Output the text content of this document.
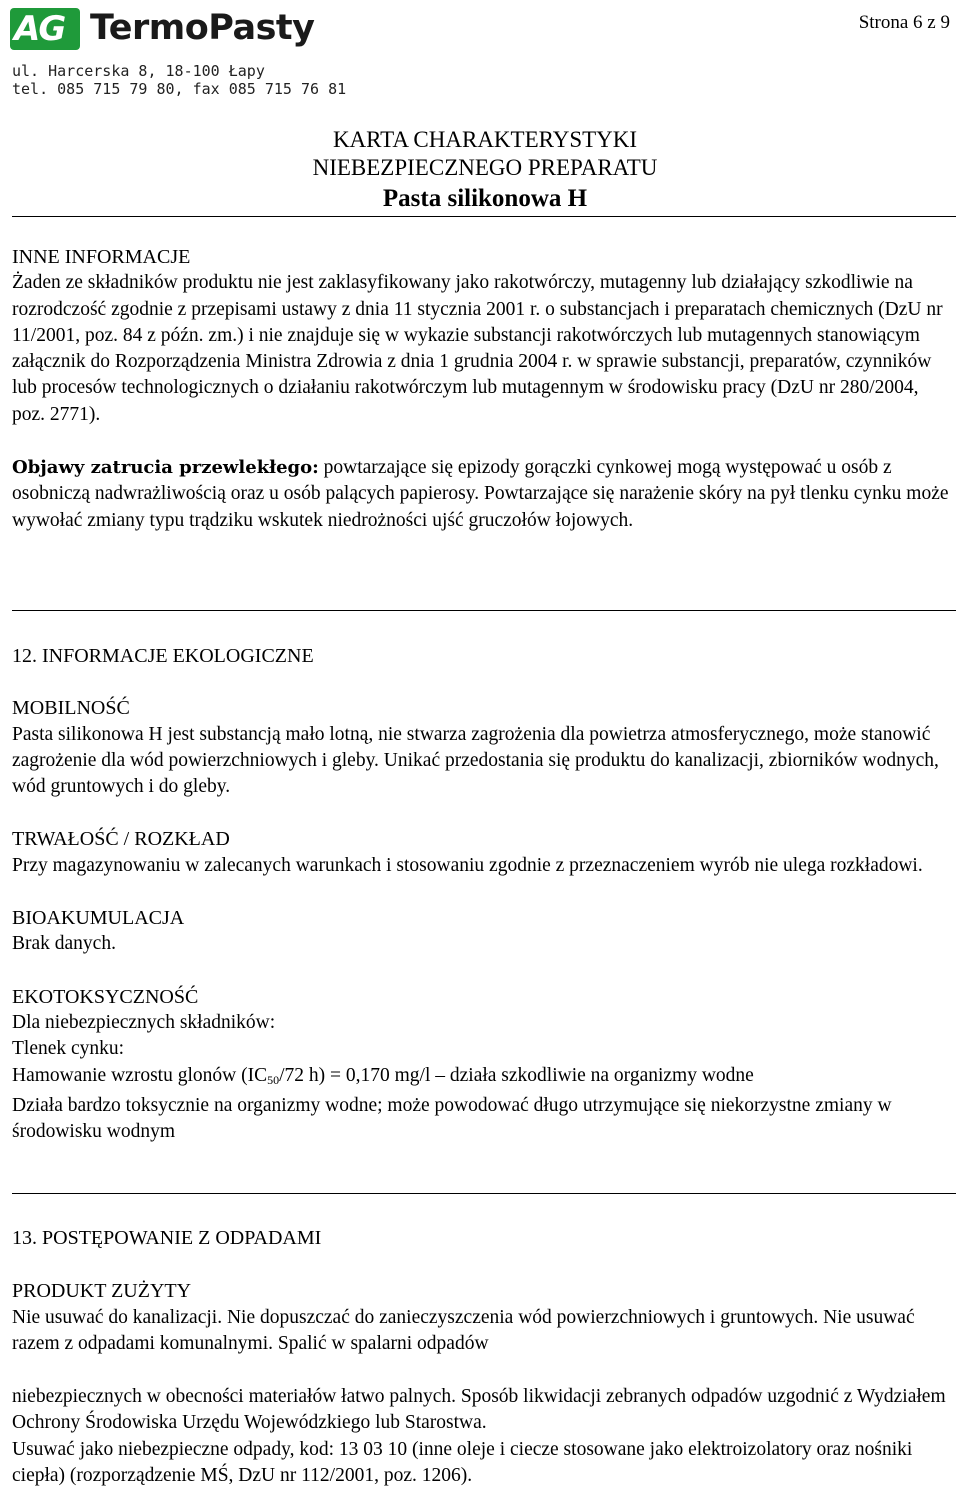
AG TermoPasty
ul. Harcerska 8, 18-100 Łapy
tel. 085 715 79 80, fax 085 715 76 81
Strona 6 z 9
KARTA CHARAKTERYSTYKI
NIEBEZPIECZNEGO PREPARATU
Pasta silikonowa H

INNE INFORMACJE

Żaden ze składników produktu nie jest zaklasyfikowany jako rakotwórczy, mutagenny lub działający szkodliwie na rozrodczość zgodnie z przepisami ustawy z dnia 11 stycznia 2001 r. o substancjach i preparatach chemicznych (DzU nr 11/2001, poz. 84 z późn. zm.) i nie znajduje się w wykazie substancji rakotwórczych lub mutagennych stanowiącym załącznik do Rozporządzenia Ministra Zdrowia z dnia 1 grudnia 2004 r. w sprawie substancji, preparatów, czynników lub procesów technologicznych o działaniu rakotwórczym lub mutagennym w środowisku pracy (DzU nr 280/2004, poz. 2771).

Objawy zatrucia przewlekłego: powtarzające się epizody gorączki cynkowej mogą występować u osób z osobniczą nadwrażliwością oraz u osób palących papierosy. Powtarzające się narażenie skóry na pył tlenku cynku może wywołać zmiany typu trądziku wskutek niedrożności ujść gruczołów łojowych.

12. INFORMACJE EKOLOGICZNE

MOBILNOŚĆ

Pasta silikonowa H jest substancją mało lotną, nie stwarza zagrożenia dla powietrza atmosferycznego, może stanowić zagrożenie dla wód powierzchniowych i gleby. Unikać przedostania się produktu do kanalizacji, zbiorników wodnych, wód gruntowych i do gleby.

TRWAŁOŚĆ / ROZKŁAD

Przy magazynowaniu w zalecanych warunkach i stosowaniu zgodnie z przeznaczeniem wyrób nie ulega rozkładowi.

BIOAKUMULACJA

Brak danych.

EKOTOKSYCZNOŚĆ

Dla niebezpiecznych składników:

Tlenek cynku:

Hamowanie wzrostu glonów ($IC_{50}/72$ h) = 0,170 mg/l – działa szkodliwie na organizmy wodne

Działa bardzo toksycznie na organizmy wodne; może powodować długo utrzymujące się niekorzystne zmiany w środowisku wodnym

13. POSTĘPOWANIE Z ODPADAMI

PRODUKT ZUŻYTY

Nie usuwać do kanalizacji. Nie dopuszczać do zanieczyszczenia wód powierzchniowych i gruntowych. Nie usuwać razem z odpadami komunalnymi. Spalić w spalarni odpadów

niebezpiecznych w obecności materiałów łatwo palnych. Sposób likwidacji zebranych odpadów uzgodnić z Wydziałem Ochrony Środowiska Urzędu Wojewódzkiego lub Starostwa.

Usuwać jako niebezpieczne odpady, kod: 13 03 10 (inne oleje i ciecze stosowane jako elektroizolatory oraz nośniki ciepła) (rozporządzenie MŚ, DzU nr 112/2001, poz. 1206).
